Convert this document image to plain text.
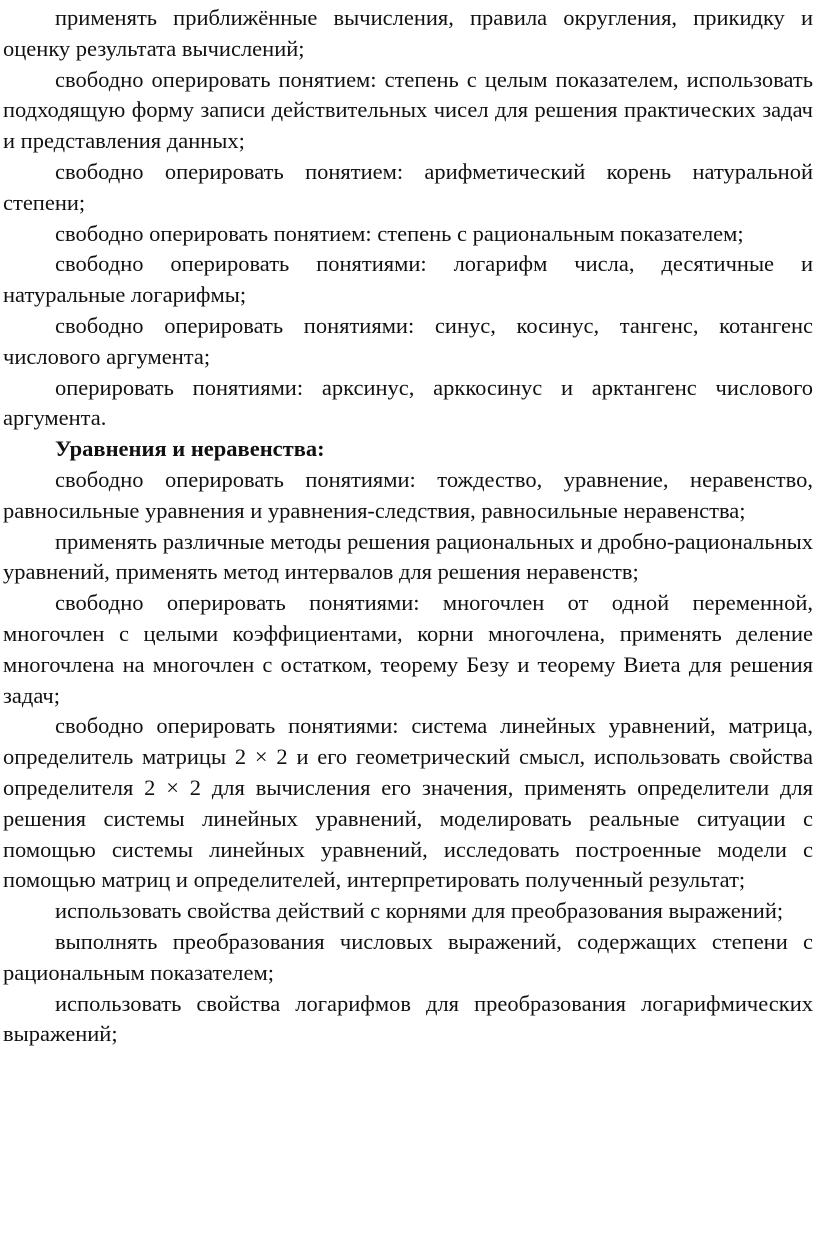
применять приближённые вычисления, правила округления, прикидку и оценку результата вычислений;

свободно оперировать понятием: степень с целым показателем, использовать подходящую форму записи действительных чисел для решения практических задач и представления данных;

свободно оперировать понятием: арифметический корень натуральной степени;

свободно оперировать понятием: степень с рациональным показателем;

свободно оперировать понятиями: логарифм числа, десятичные и натуральные логарифмы;

свободно оперировать понятиями: синус, косинус, тангенс, котангенс числового аргумента;

оперировать понятиями: арксинус, арккосинус и арктангенс числового аргумента.

Уравнения и неравенства:

свободно оперировать понятиями: тождество, уравнение, неравенство, равносильные уравнения и уравнения-следствия, равносильные неравенства;

применять различные методы решения рациональных и дробно-рациональных уравнений, применять метод интервалов для решения неравенств;

свободно оперировать понятиями: многочлен от одной переменной, многочлен с целыми коэффициентами, корни многочлена, применять деление многочлена на многочлен с остатком, теорему Безу и теорему Виета для решения задач;

свободно оперировать понятиями: система линейных уравнений, матрица, определитель матрицы 2 × 2 и его геометрический смысл, использовать свойства определителя 2 × 2 для вычисления его значения, применять определители для решения системы линейных уравнений, моделировать реальные ситуации с помощью системы линейных уравнений, исследовать построенные модели с помощью матриц и определителей, интерпретировать полученный результат;

использовать свойства действий с корнями для преобразования выражений;

выполнять преобразования числовых выражений, содержащих степени с рациональным показателем;

использовать свойства логарифмов для преобразования логарифмических выражений;
